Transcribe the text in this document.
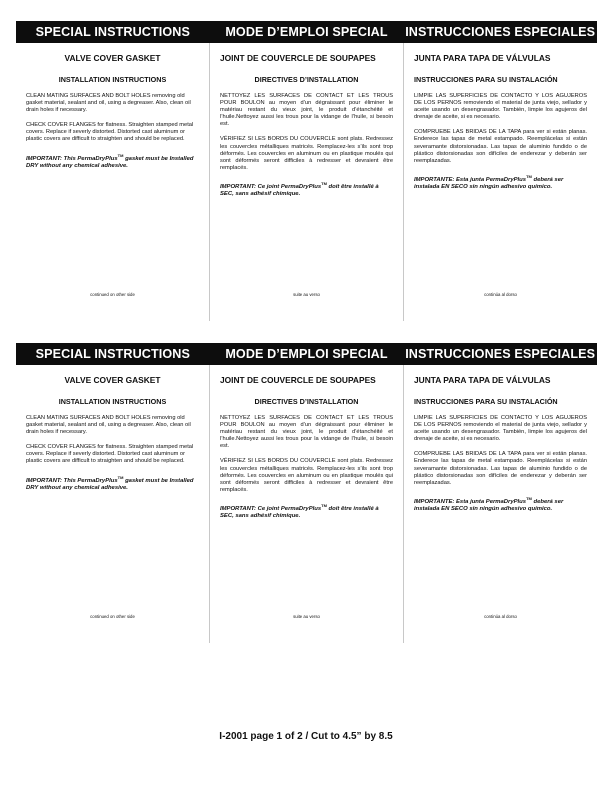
SPECIAL INSTRUCTIONS	MODE D’EMPLOI SPECIAL	INSTRUCCIONES ESPECIALES
VALVE COVER GASKET
INSTALLATION INSTRUCTIONS

CLEAN MATING SURFACES AND BOLT HOLES removing old gasket material, sealant and oil, using a degreaser. Also, clean oil drain holes if necessary.

CHECK COVER FLANGES for flatness. Straighten stamped metal covers. Replace if severly distorted. Distorted cast aluminum or plastic covers are difficult to straighten and should be replaced.

IMPORTANT: This PermaDryPlus™ gasket must be Installed DRY without any chemical adhesive.

continued on other side
JOINT DE COUVERCLE DE SOUPAPES
DIRECTIVES D’INSTALLATION

NETTOYEZ LES SURFACES DE CONTACT ET LES TROUS POUR BOULON au moyen d’un dégraissant pour éliminer le matériau restant du vieux joint, le produit d’étanchéité et l’huile.Nettoyez aussi les trous pour la vidange de l’huile, si besoin est.

VÉRIFIEZ SI LES BORDS DU COUVERCLE sont plats. Redressez les couvercles métalliques matricés. Remplacez-les s’ils sont trop déformés. Les couvercles en aluminum ou en plastique moulés qui sont déformés seront difficiles à redresser et devraient être remplacés.

IMPORTANT: Ce joint PermaDryPlus™ doit être installé à SEC, sans adhésif chimique.

suite au verso
JUNTA PARA TAPA DE VÁLVULAS
INSTRUCCIONES PARA SU INSTALACIÓN

LIMPIE LAS SUPERFICIES DE CONTACTO Y LOS AGUJEROS DE LOS PERNOS removiendo el material de junta viejo, sellador y aceite usando un desengrasador. También, limpie los agujeros del drenaje de aceite, si es necesario.

COMPRUEBE LAS BRIDAS DE LA TAPA para ver si están planas. Enderece las tapas de metal estampado. Reemplácelas si están severamante distorsionadas. Las tapas de aluminio fundido o de plástico distorsionadas son difíciles de enderezar y deberán ser reemplazadas.

IMPORTANTE: Esta junta PermaDryPlus™ deberá ser instalada EN SECO sin ningún adhesivo químico.

continúa al dorso
SPECIAL INSTRUCTIONS	MODE D’EMPLOI SPECIAL	INSTRUCCIONES ESPECIALES
VALVE COVER GASKET
INSTALLATION INSTRUCTIONS

CLEAN MATING SURFACES AND BOLT HOLES removing old gasket material, sealant and oil, using a degreaser. Also, clean oil drain holes if necessary.

CHECK COVER FLANGES for flatness. Straighten stamped metal covers. Replace if severly distorted. Distorted cast aluminum or plastic covers are difficult to straighten and should be replaced.

IMPORTANT: This PermaDryPlus™ gasket must be Installed DRY without any chemical adhesive.

continued on other side
JOINT DE COUVERCLE DE SOUPAPES
DIRECTIVES D’INSTALLATION

NETTOYEZ LES SURFACES DE CONTACT ET LES TROUS POUR BOULON au moyen d’un dégraissant pour éliminer le matériau restant du vieux joint, le produit d’étanchéité et l’huile.Nettoyez aussi les trous pour la vidange de l’huile, si besoin est.

VÉRIFIEZ SI LES BORDS DU COUVERCLE sont plats. Redressez les couvercles métalliques matricés. Remplacez-les s’ils sont trop déformés. Les couvercles en aluminum ou en plastique moulés qui sont déformés seront difficiles à redresser et devraient être remplacés.

IMPORTANT: Ce joint PermaDryPlus™ doit être installé à SEC, sans adhésif chimique.

suite au verso
JUNTA PARA TAPA DE VÁLVULAS
INSTRUCCIONES PARA SU INSTALACIÓN

LIMPIE LAS SUPERFICIES DE CONTACTO Y LOS AGUJEROS DE LOS PERNOS removiendo el material de junta viejo, sellador y aceite usando un desengrasador. También, limpie los agujeros del drenaje de aceite, si es necesario.

COMPRUEBE LAS BRIDAS DE LA TAPA para ver si están planas. Enderece las tapas de metal estampado. Reemplácelas si están severamante distorsionadas. Las tapas de aluminio fundido o de plástico distorsionadas son difíciles de enderezar y deberán ser reemplazadas.

IMPORTANTE: Esta junta PermaDryPlus™ deberá ser instalada EN SECO sin ningún adhesivo químico.

continúa al dorso
I-2001 page 1 of 2 / Cut to 4.5” by 8.5
